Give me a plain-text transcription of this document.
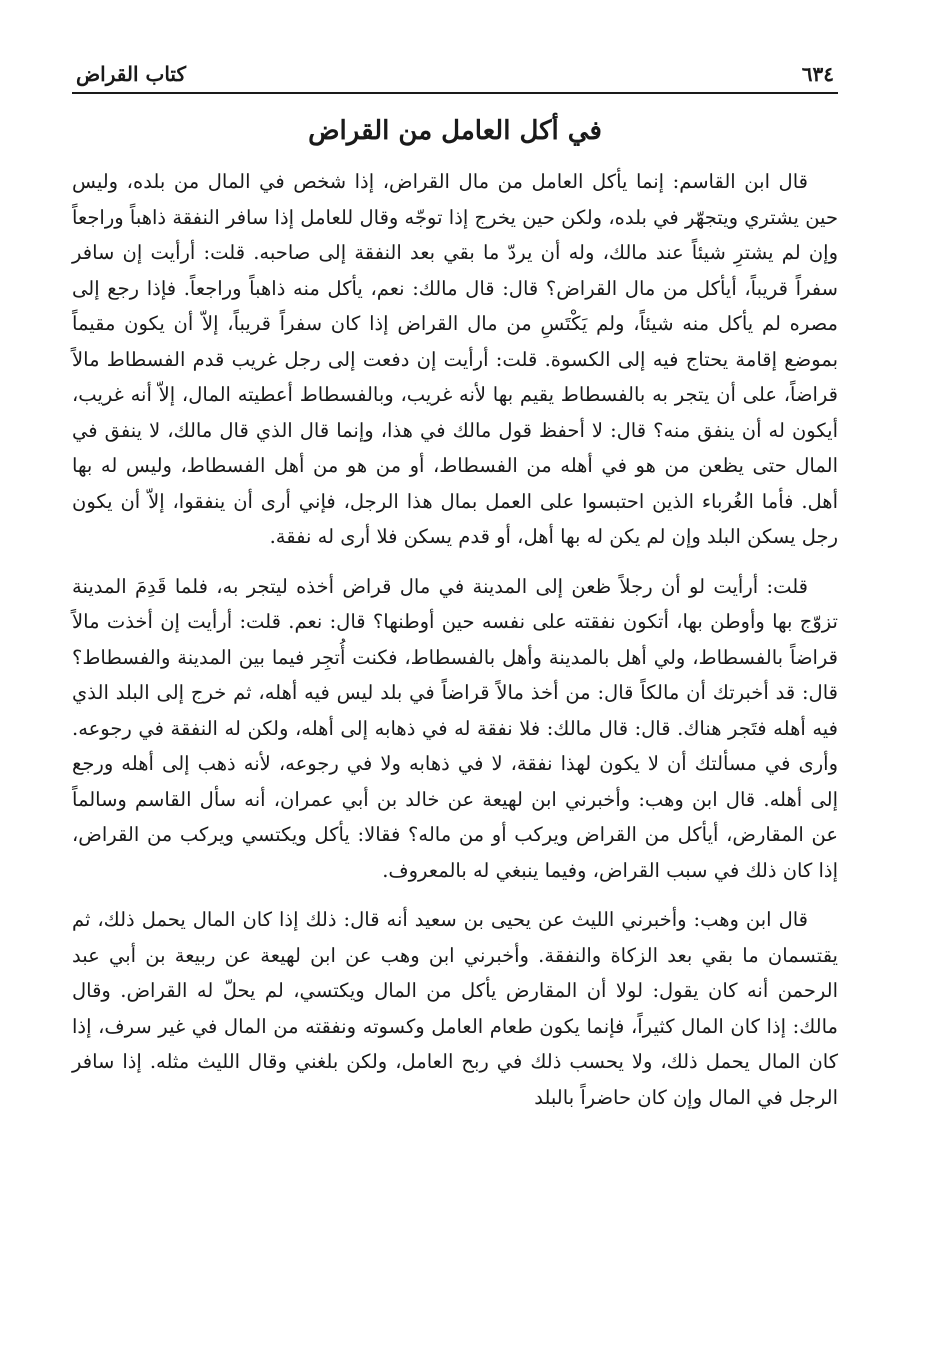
٦٣٤
كتاب القراض
في أكل العامل من القراض

قال ابن القاسم: إنما يأكل العامل من مال القراض، إذا شخص في المال من بلده، وليس حين يشتري ويتجهّر في بلده، ولكن حين يخرج إذا توجّه وقال للعامل إذا سافر النفقة ذاهباً وراجعاً وإن لم يشترِ شيئاً عند مالك، وله أن يردّ ما بقي بعد النفقة إلى صاحبه. قلت: أرأيت إن سافر سفراً قريباً، أيأكل من مال القراض؟ قال: قال مالك: نعم، يأكل منه ذاهباً وراجعاً. فإذا رجع إلى مصره لم يأكل منه شيئاً، ولم يَكْتَسِ من مال القراض إذا كان سفراً قريباً، إلاّ أن يكون مقيماً بموضع إقامة يحتاج فيه إلى الكسوة. قلت: أرأيت إن دفعت إلى رجل غريب قدم الفسطاط مالاً قراضاً، على أن يتجر به بالفسطاط يقيم بها لأنه غريب، وبالفسطاط أعطيته المال، إلاّ أنه غريب، أيكون له أن ينفق منه؟ قال: لا أحفظ قول مالك في هذا، وإنما قال الذي قال مالك، لا ينفق في المال حتى يظعن من هو في أهله من الفسطاط، أو من هو من أهل الفسطاط، وليس له بها أهل. فأما الغُرباء الذين احتبسوا على العمل بمال هذا الرجل، فإني أرى أن ينفقوا، إلاّ أن يكون رجل يسكن البلد وإن لم يكن له بها أهل، أو قدم يسكن فلا أرى له نفقة.

قلت: أرأيت لو أن رجلاً ظعن إلى المدينة في مال قراض أخذه ليتجر به، فلما قَدِمَ المدينة تزوّج بها وأوطن بها، أتكون نفقته على نفسه حين أوطنها؟ قال: نعم. قلت: أرأيت إن أخذت مالاً قراضاً بالفسطاط، ولي أهل بالمدينة وأهل بالفسطاط، فكنت أُتجِر فيما بين المدينة والفسطاط؟ قال: قد أخبرتك أن مالكاً قال: من أخذ مالاً قراضاً في بلد ليس فيه أهله، ثم خرج إلى البلد الذي فيه أهله فتَجر هناك. قال: قال مالك: فلا نفقة له في ذهابه إلى أهله، ولكن له النفقة في رجوعه. وأرى في مسألتك أن لا يكون لهذا نفقة، لا في ذهابه ولا في رجوعه، لأنه ذهب إلى أهله ورجع إلى أهله. قال ابن وهب: وأخبرني ابن لهيعة عن خالد بن أبي عمران، أنه سأل القاسم وسالماً عن المقارض، أيأكل من القراض ويركب أو من ماله؟ فقالا: يأكل ويكتسي ويركب من القراض، إذا كان ذلك في سبب القراض، وفيما ينبغي له بالمعروف.

قال ابن وهب: وأخبرني الليث عن يحيى بن سعيد أنه قال: ذلك إذا كان المال يحمل ذلك، ثم يقتسمان ما بقي بعد الزكاة والنفقة. وأخبرني ابن وهب عن ابن لهيعة عن ربيعة بن أبي عبد الرحمن أنه كان يقول: لولا أن المقارض يأكل من المال ويكتسي، لم يحلّ له القراض. وقال مالك: إذا كان المال كثيراً، فإنما يكون طعام العامل وكسوته ونفقته من المال في غير سرف، إذا كان المال يحمل ذلك، ولا يحسب ذلك في ربح العامل، ولكن بلغني وقال الليث مثله. إذا سافر الرجل في المال وإن كان حاضراً بالبلد
